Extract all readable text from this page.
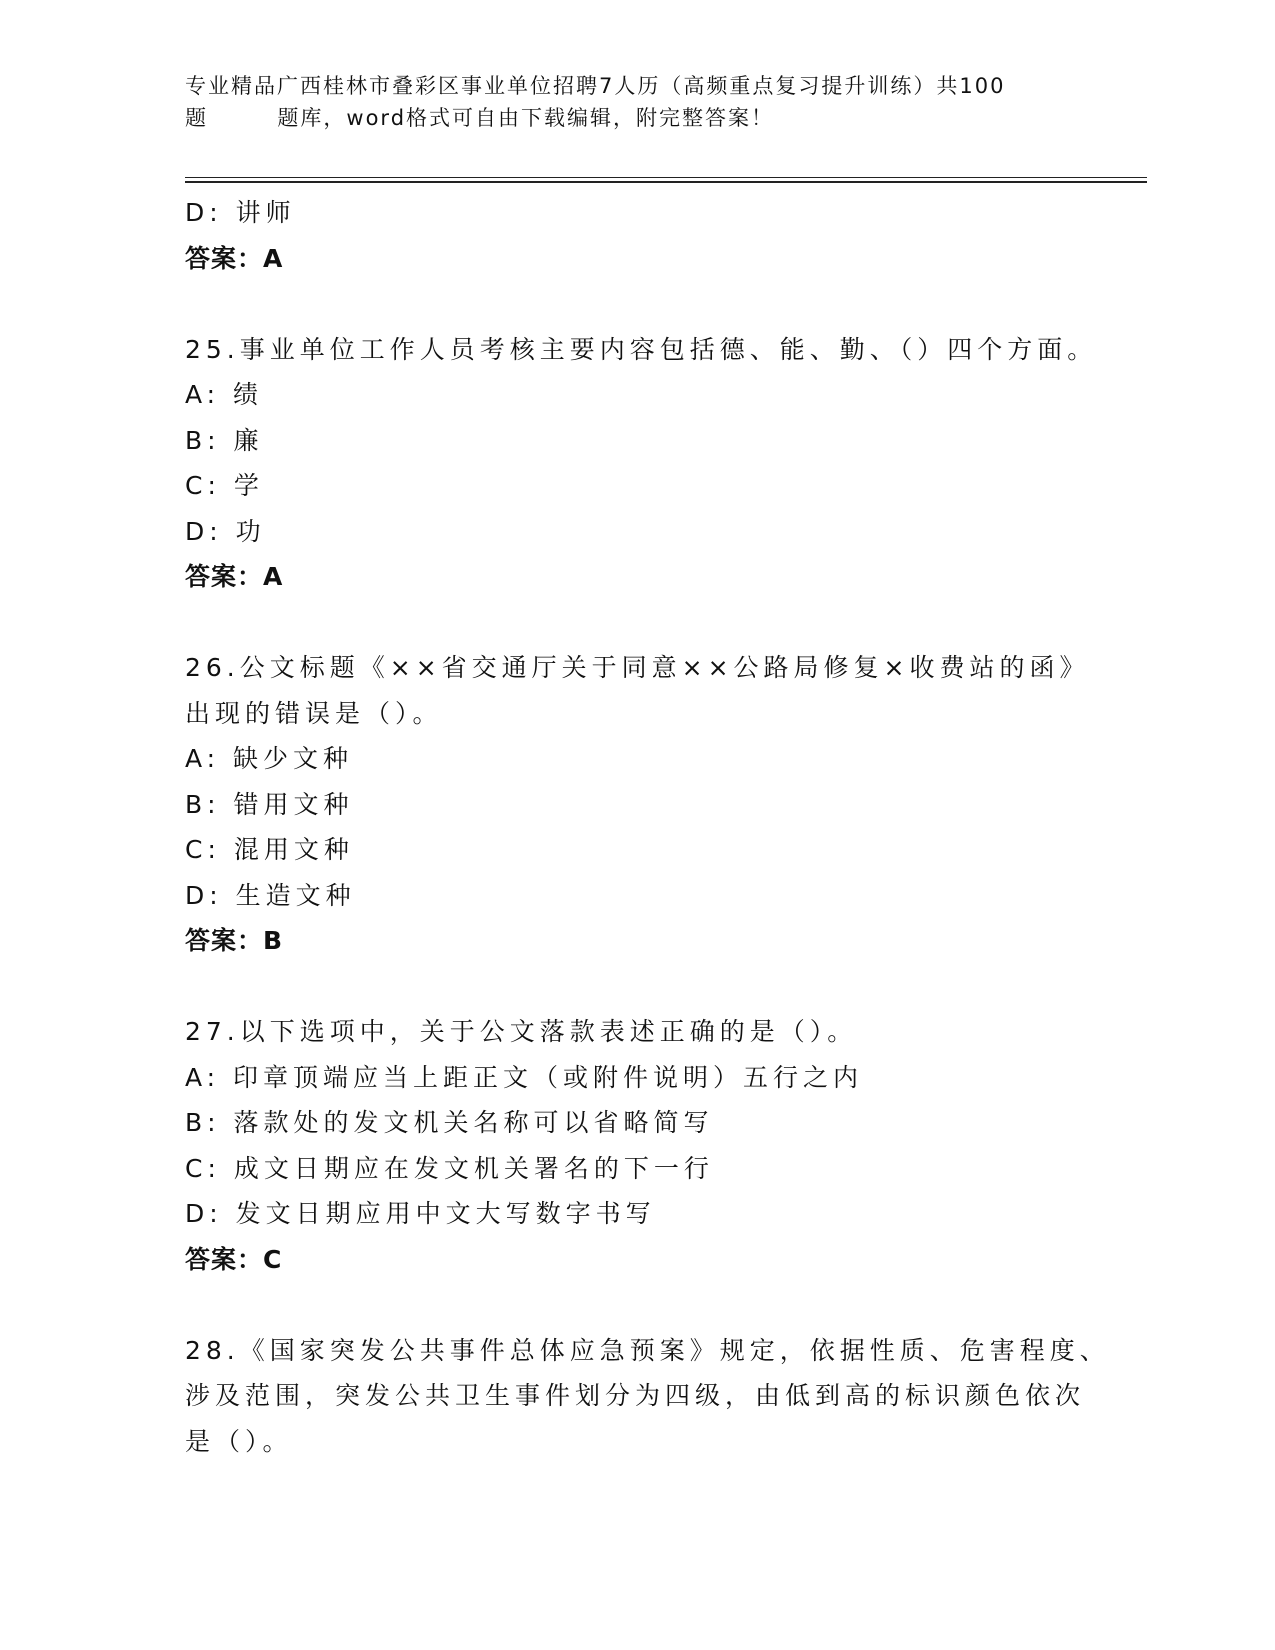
专业精品广西桂林市叠彩区事业单位招聘7人历（高频重点复习提升训练）共100
题        题库，word格式可自由下载编辑，附完整答案！
D: 讲师
答案：A
25.事业单位工作人员考核主要内容包括德、能、勤、（）四个方面。
A: 绩
B: 廉
C: 学
D: 功
答案：A
26.公文标题《××省交通厅关于同意××公路局修复×收费站的函》
出现的错误是（）。
A: 缺少文种
B: 错用文种
C: 混用文种
D: 生造文种
答案：B
27.以下选项中，关于公文落款表述正确的是（）。
A: 印章顶端应当上距正文（或附件说明）五行之内
B: 落款处的发文机关名称可以省略简写
C: 成文日期应在发文机关署名的下一行
D: 发文日期应用中文大写数字书写
答案：C
28.《国家突发公共事件总体应急预案》规定，依据性质、危害程度、
涉及范围，突发公共卫生事件划分为四级，由低到高的标识颜色依次
是（）。
